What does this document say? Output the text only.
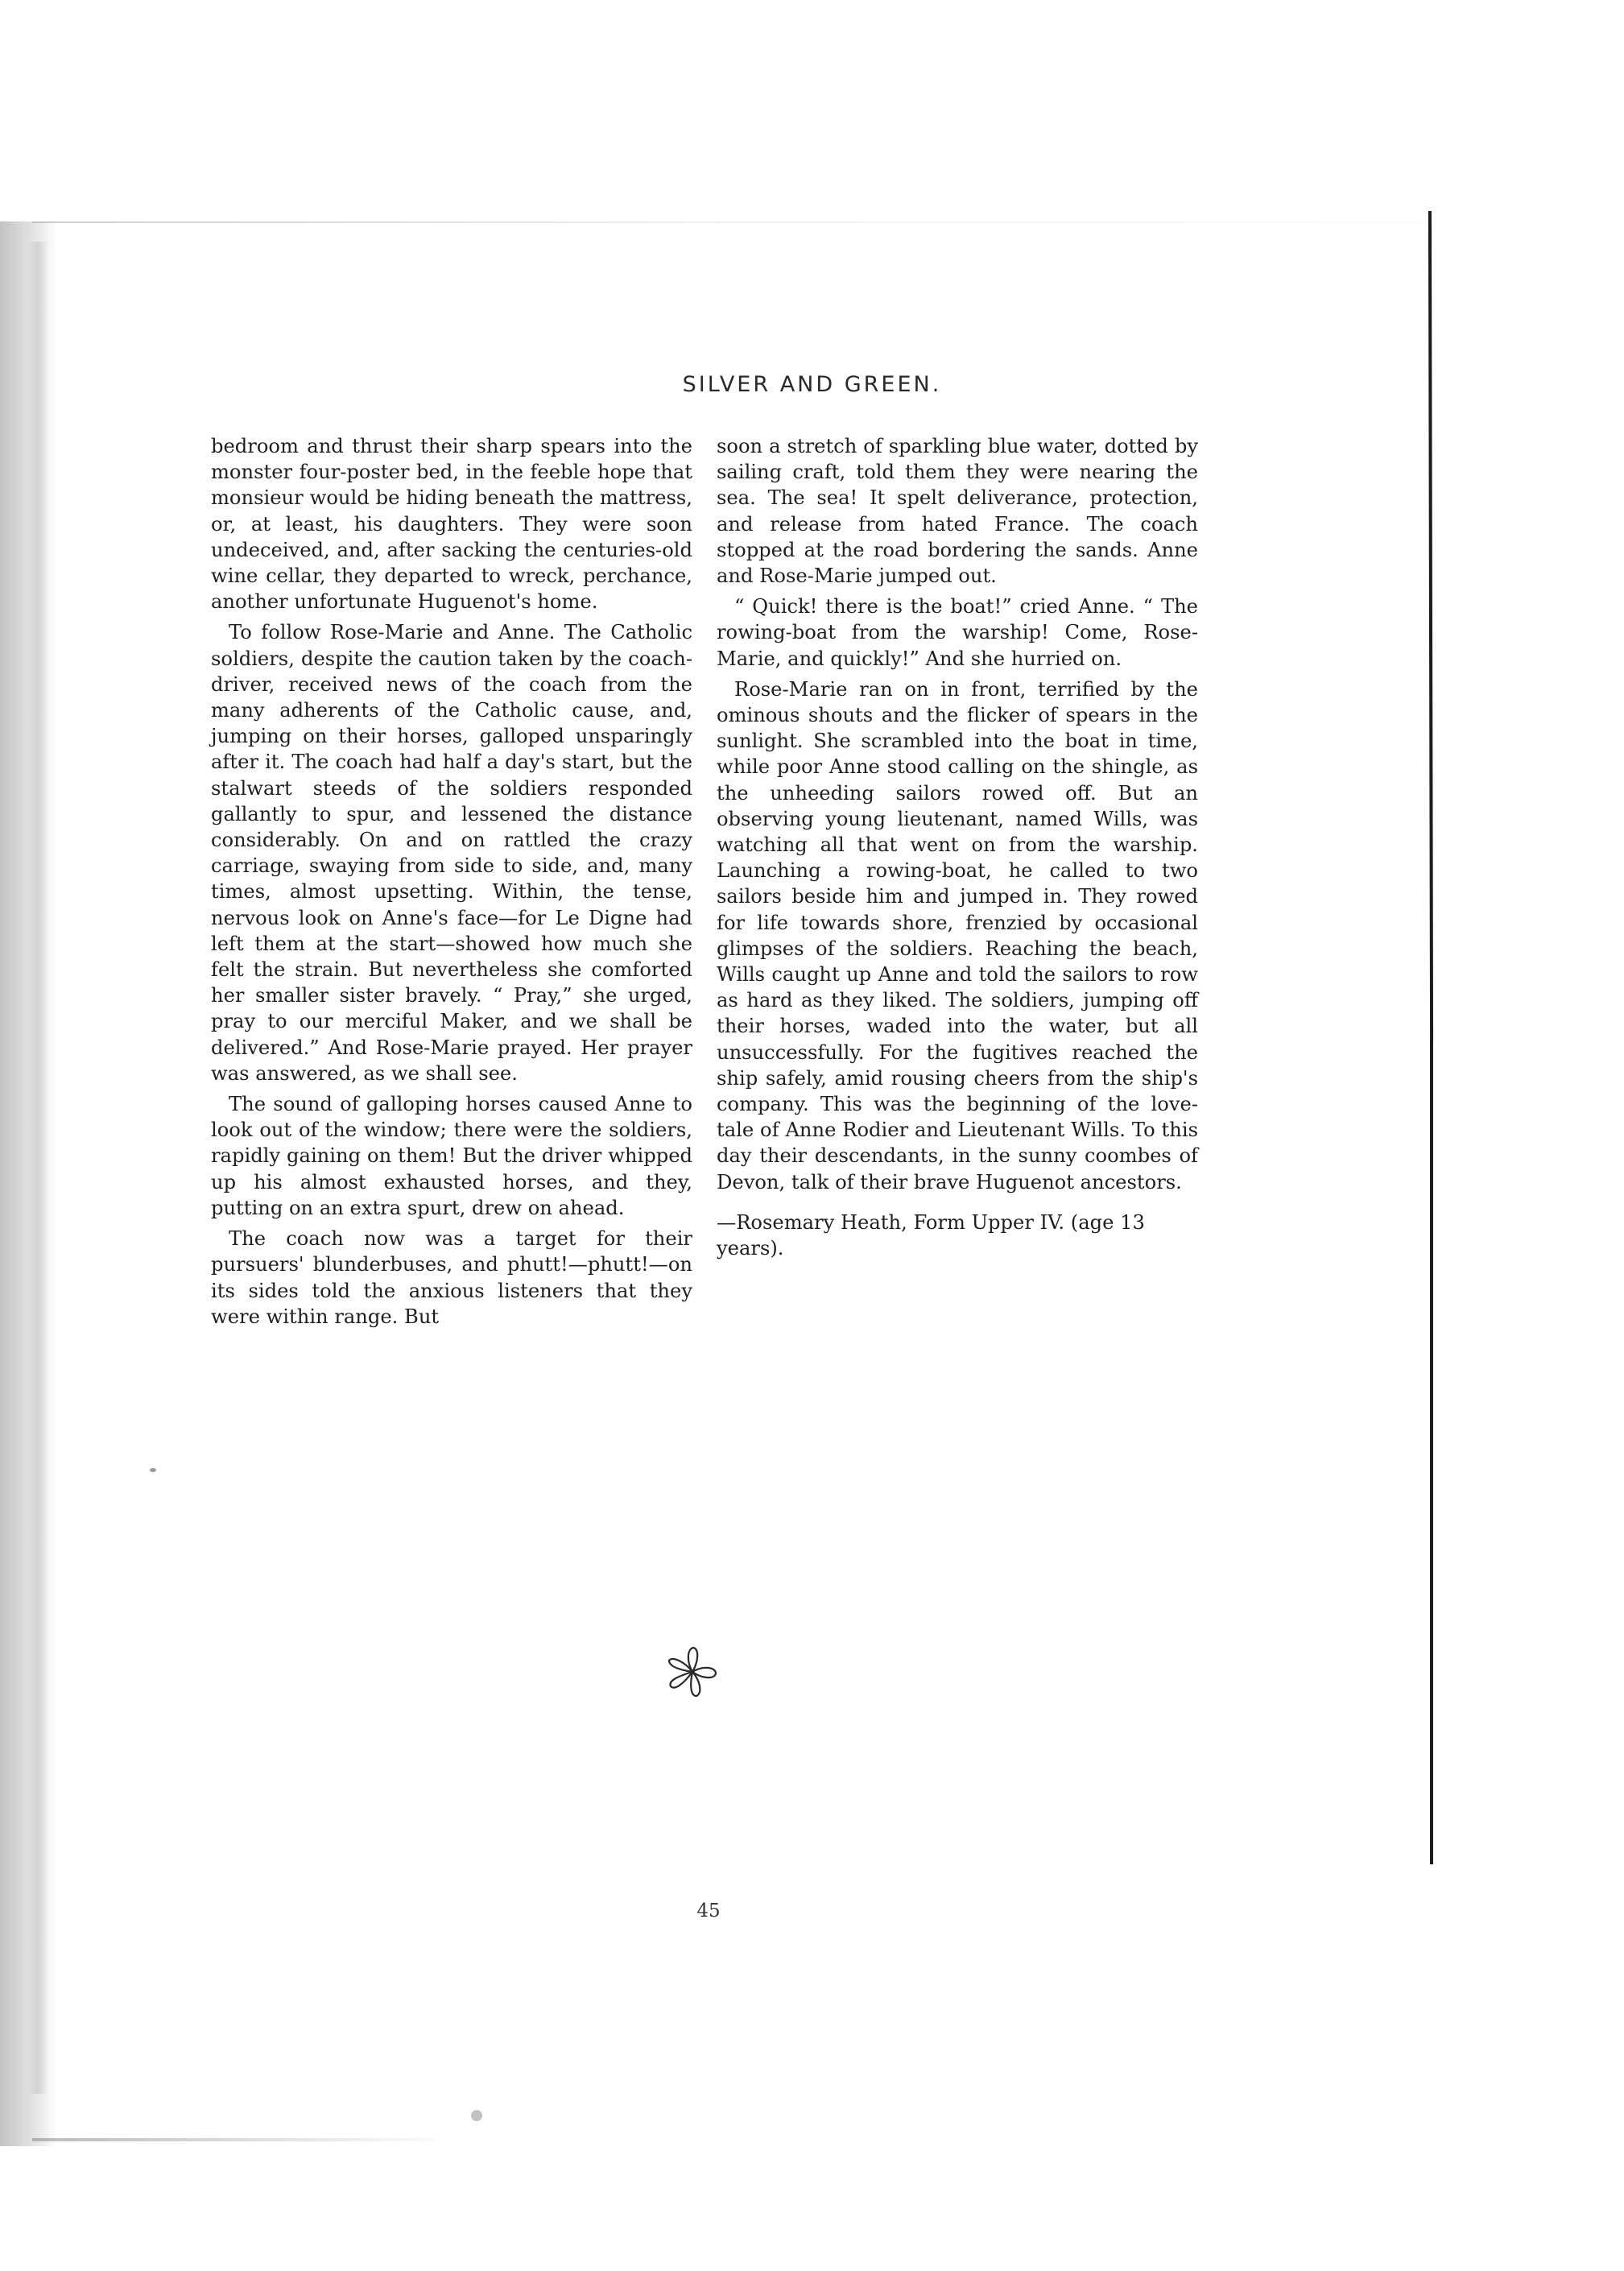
SILVER AND GREEN.

bedroom and thrust their sharp spears into the monster four-poster bed, in the feeble hope that monsieur would be hiding beneath the mattress, or, at least, his daughters. They were soon undeceived, and, after sacking the centuries-old wine cellar, they departed to wreck, perchance, another unfortunate Huguenot's home.

To follow Rose-Marie and Anne. The Catholic soldiers, despite the caution taken by the coach-driver, received news of the coach from the many adherents of the Catholic cause, and, jumping on their horses, galloped unsparingly after it. The coach had half a day's start, but the stalwart steeds of the soldiers responded gallantly to spur, and lessened the distance considerably. On and on rattled the crazy carriage, swaying from side to side, and, many times, almost upsetting. Within, the tense, nervous look on Anne's face—for Le Digne had left them at the start—showed how much she felt the strain. But nevertheless she comforted her smaller sister bravely. “ Pray,” she urged, pray to our merciful Maker, and we shall be delivered.” And Rose-Marie prayed. Her prayer was answered, as we shall see.

The sound of galloping horses caused Anne to look out of the window; there were the soldiers, rapidly gaining on them! But the driver whipped up his almost exhausted horses, and they, putting on an extra spurt, drew on ahead.

The coach now was a target for their pursuers' blunderbuses, and phutt!—phutt!—on its sides told the anxious listeners that they were within range. But

soon a stretch of sparkling blue water, dotted by sailing craft, told them they were nearing the sea. The sea! It spelt deliverance, protection, and release from hated France. The coach stopped at the road bordering the sands. Anne and Rose-Marie jumped out.

“ Quick! there is the boat!” cried Anne. “ The rowing-boat from the warship! Come, Rose-Marie, and quickly!” And she hurried on.

Rose-Marie ran on in front, terrified by the ominous shouts and the flicker of spears in the sunlight. She scrambled into the boat in time, while poor Anne stood calling on the shingle, as the unheeding sailors rowed off. But an observing young lieutenant, named Wills, was watching all that went on from the warship. Launching a rowing-boat, he called to two sailors beside him and jumped in. They rowed for life towards shore, frenzied by occasional glimpses of the soldiers. Reaching the beach, Wills caught up Anne and told the sailors to row as hard as they liked. The soldiers, jumping off their horses, waded into the water, but all unsuccessfully. For the fugitives reached the ship safely, amid rousing cheers from the ship's company. This was the beginning of the love-tale of Anne Rodier and Lieutenant Wills. To this day their descendants, in the sunny coombes of Devon, talk of their brave Huguenot ancestors.

—Rosemary Heath, Form Upper IV. (age 13 years).

45
